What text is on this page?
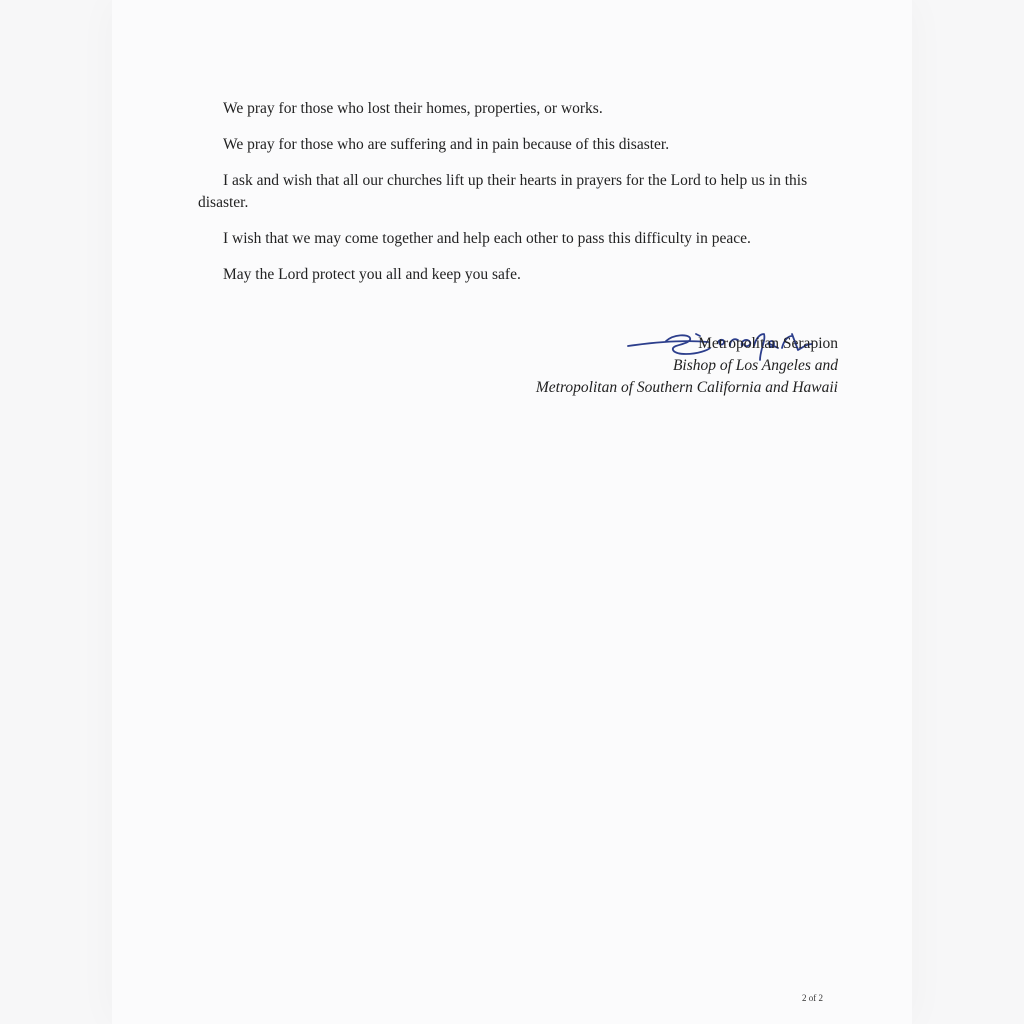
We pray for those who lost their homes, properties, or works.

We pray for those who are suffering and in pain because of this disaster.

I ask and wish that all our churches lift up their hearts in prayers for the Lord to help us in this disaster.

I wish that we may come together and help each other to pass this difficulty in peace.

May the Lord protect you all and keep you safe.

Metropolitan Serapion
Bishop of Los Angeles and
Metropolitan of Southern California and Hawaii
2 of 2
